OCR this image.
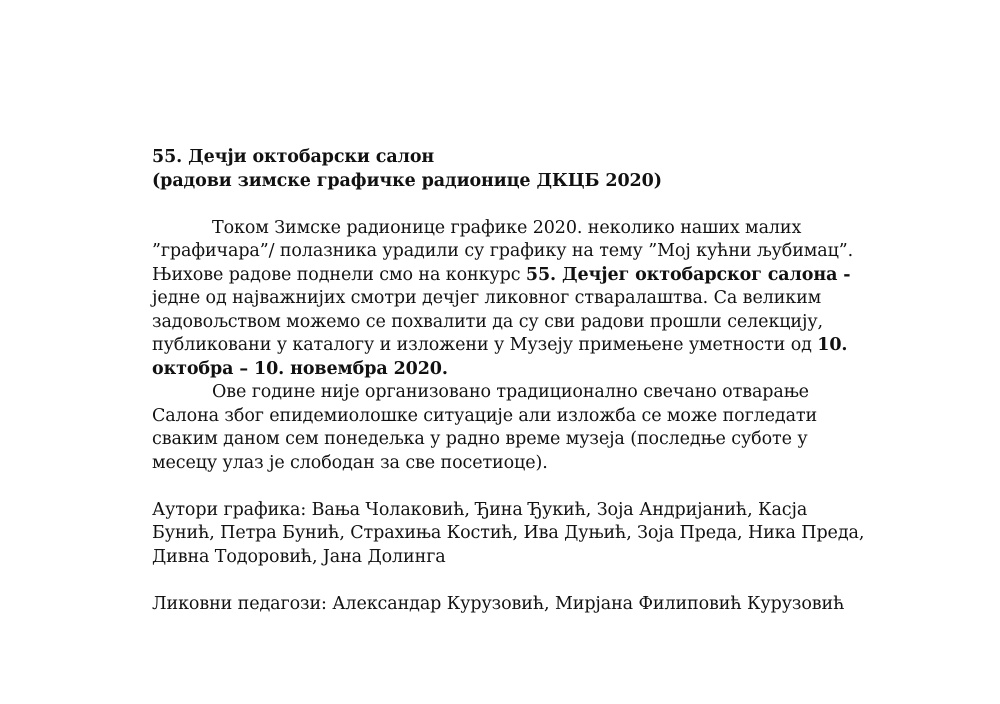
55. Дечји октобарски салон
(радови зимске графичке радионице ДКЦБ 2020)
Током Зимске радионице графике 2020. неколико наших малих
”графичара”/ полазника урадили су графику на тему ”Мој кућни љубимац”.
Њихове радове поднели смо на конкурс 55. Дечјег октобарског салона -
једне од најважнијих смотри дечјег ликовног стваралаштва. Са великим
задовољством можемо се похвалити да су сви радови прошли селекцију,
публиковани у каталогу и изложени у Музеју примењене уметности од 10.
октобра – 10. новембра 2020.
Ове године није организовано традиционално свечано отварање
Салона због епидемиолошке ситуације али изложба се може погледати
сваким даном сем понедељка у радно време музеја (последње суботе у
месецу улаз је слободан за све посетиоце).
Аутори графика: Вања Чолаковић, Ђина Ђукић, Зоја Андријанић, Касја
Бунић, Петра Бунић, Страхиња Костић, Ива Дуњић, Зоја Преда, Ника Преда,
Дивна Тодоровић, Јана Долинга
Ликовни педагози: Александар Курузовић, Мирјана Филиповић Курузовић
